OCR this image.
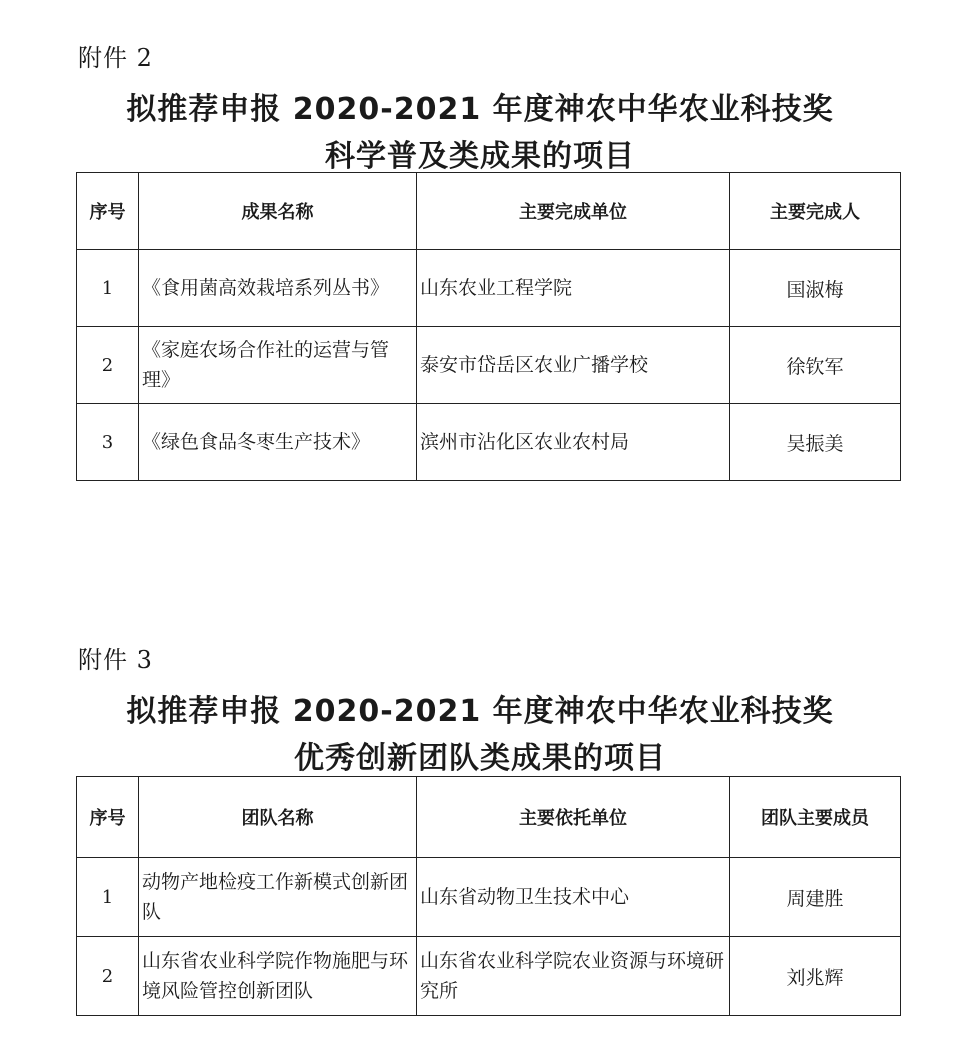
附件 2
拟推荐申报 2020-2021 年度神农中华农业科技奖
科学普及类成果的项目
序号	成果名称	主要完成单位	主要完成人
1	《食用菌高效栽培系列丛书》	山东农业工程学院	国淑梅
2	《家庭农场合作社的运营与管理》	泰安市岱岳区农业广播学校	徐钦军
3	《绿色食品冬枣生产技术》	滨州市沾化区农业农村局	吴振美
附件 3
拟推荐申报 2020-2021 年度神农中华农业科技奖
优秀创新团队类成果的项目
序号	团队名称	主要依托单位	团队主要成员
1	动物产地检疫工作新模式创新团队	山东省动物卫生技术中心	周建胜
2	山东省农业科学院作物施肥与环境风险管控创新团队	山东省农业科学院农业资源与环境研究所	刘兆辉
